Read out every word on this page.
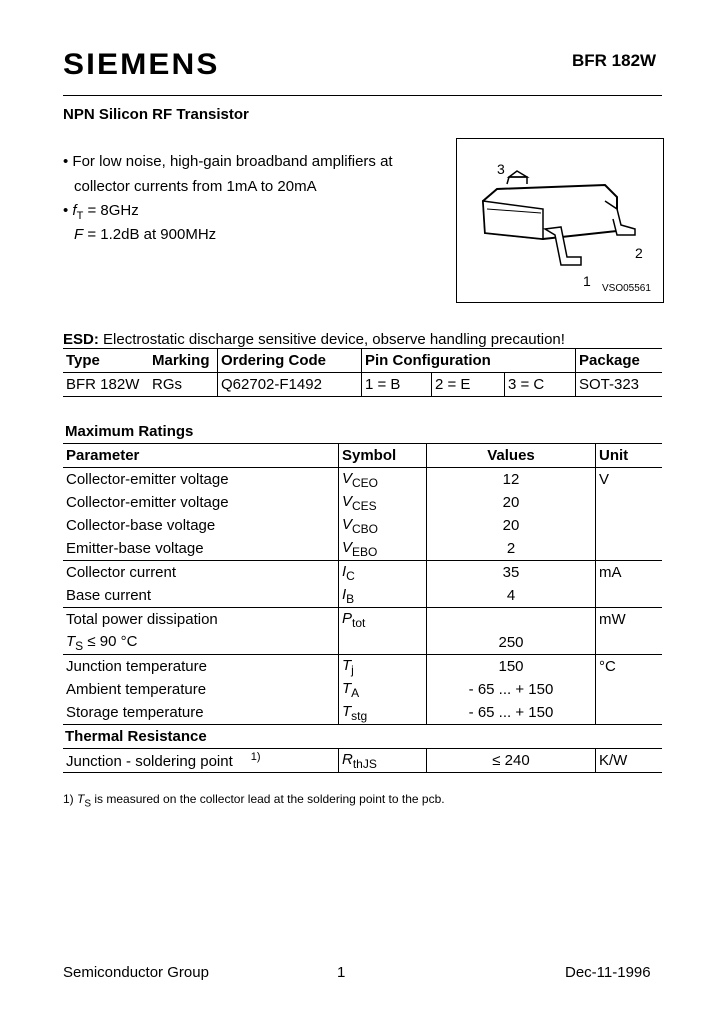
SIEMENS	BFR 182W
NPN Silicon RF Transistor
• For low noise, high-gain broadband amplifiers at
collector currents from 1mA to 20mA
• $f_T = 8GHz$
F = 1.2dB at 900MHz
3
2
1 VSO05561
ESD: Electrostatic discharge sensitive device, observe handling precaution!
Type	Marking	Ordering Code	Pin Configuration			Package
BFR 182W	RGs	Q62702-F1492	1 = B	2 = E	3 = C	SOT-323
Maximum Ratings
Parameter	Symbol	Values	Unit
Collector-emitter voltage	$V_{CEO}$	12	V
Collector-emitter voltage	$V_{CES}$	20	
Collector-base voltage	$V_{CBO}$	20	
Emitter-base voltage	$V_{EBO}$	2	
Collector current	$I_C$	35	mA
Base current	$I_B$	4	
Total power dissipation	$P_{tot}$		mW
$T_S \le 90$ °C		250	
Junction temperature	$T_j$	150	°C
Ambient temperature	$T_A$	- 65 ... + 150	
Storage temperature	$T_{stg}$	- 65 ... + 150	
Thermal Resistance			
Junction - soldering point $^{1)}$	$R_{thJS}$	≤ 240	K/W
1) $T_S$ is measured on the collector lead at the soldering point to the pcb.
Semiconductor Group	1	Dec-11-1996
